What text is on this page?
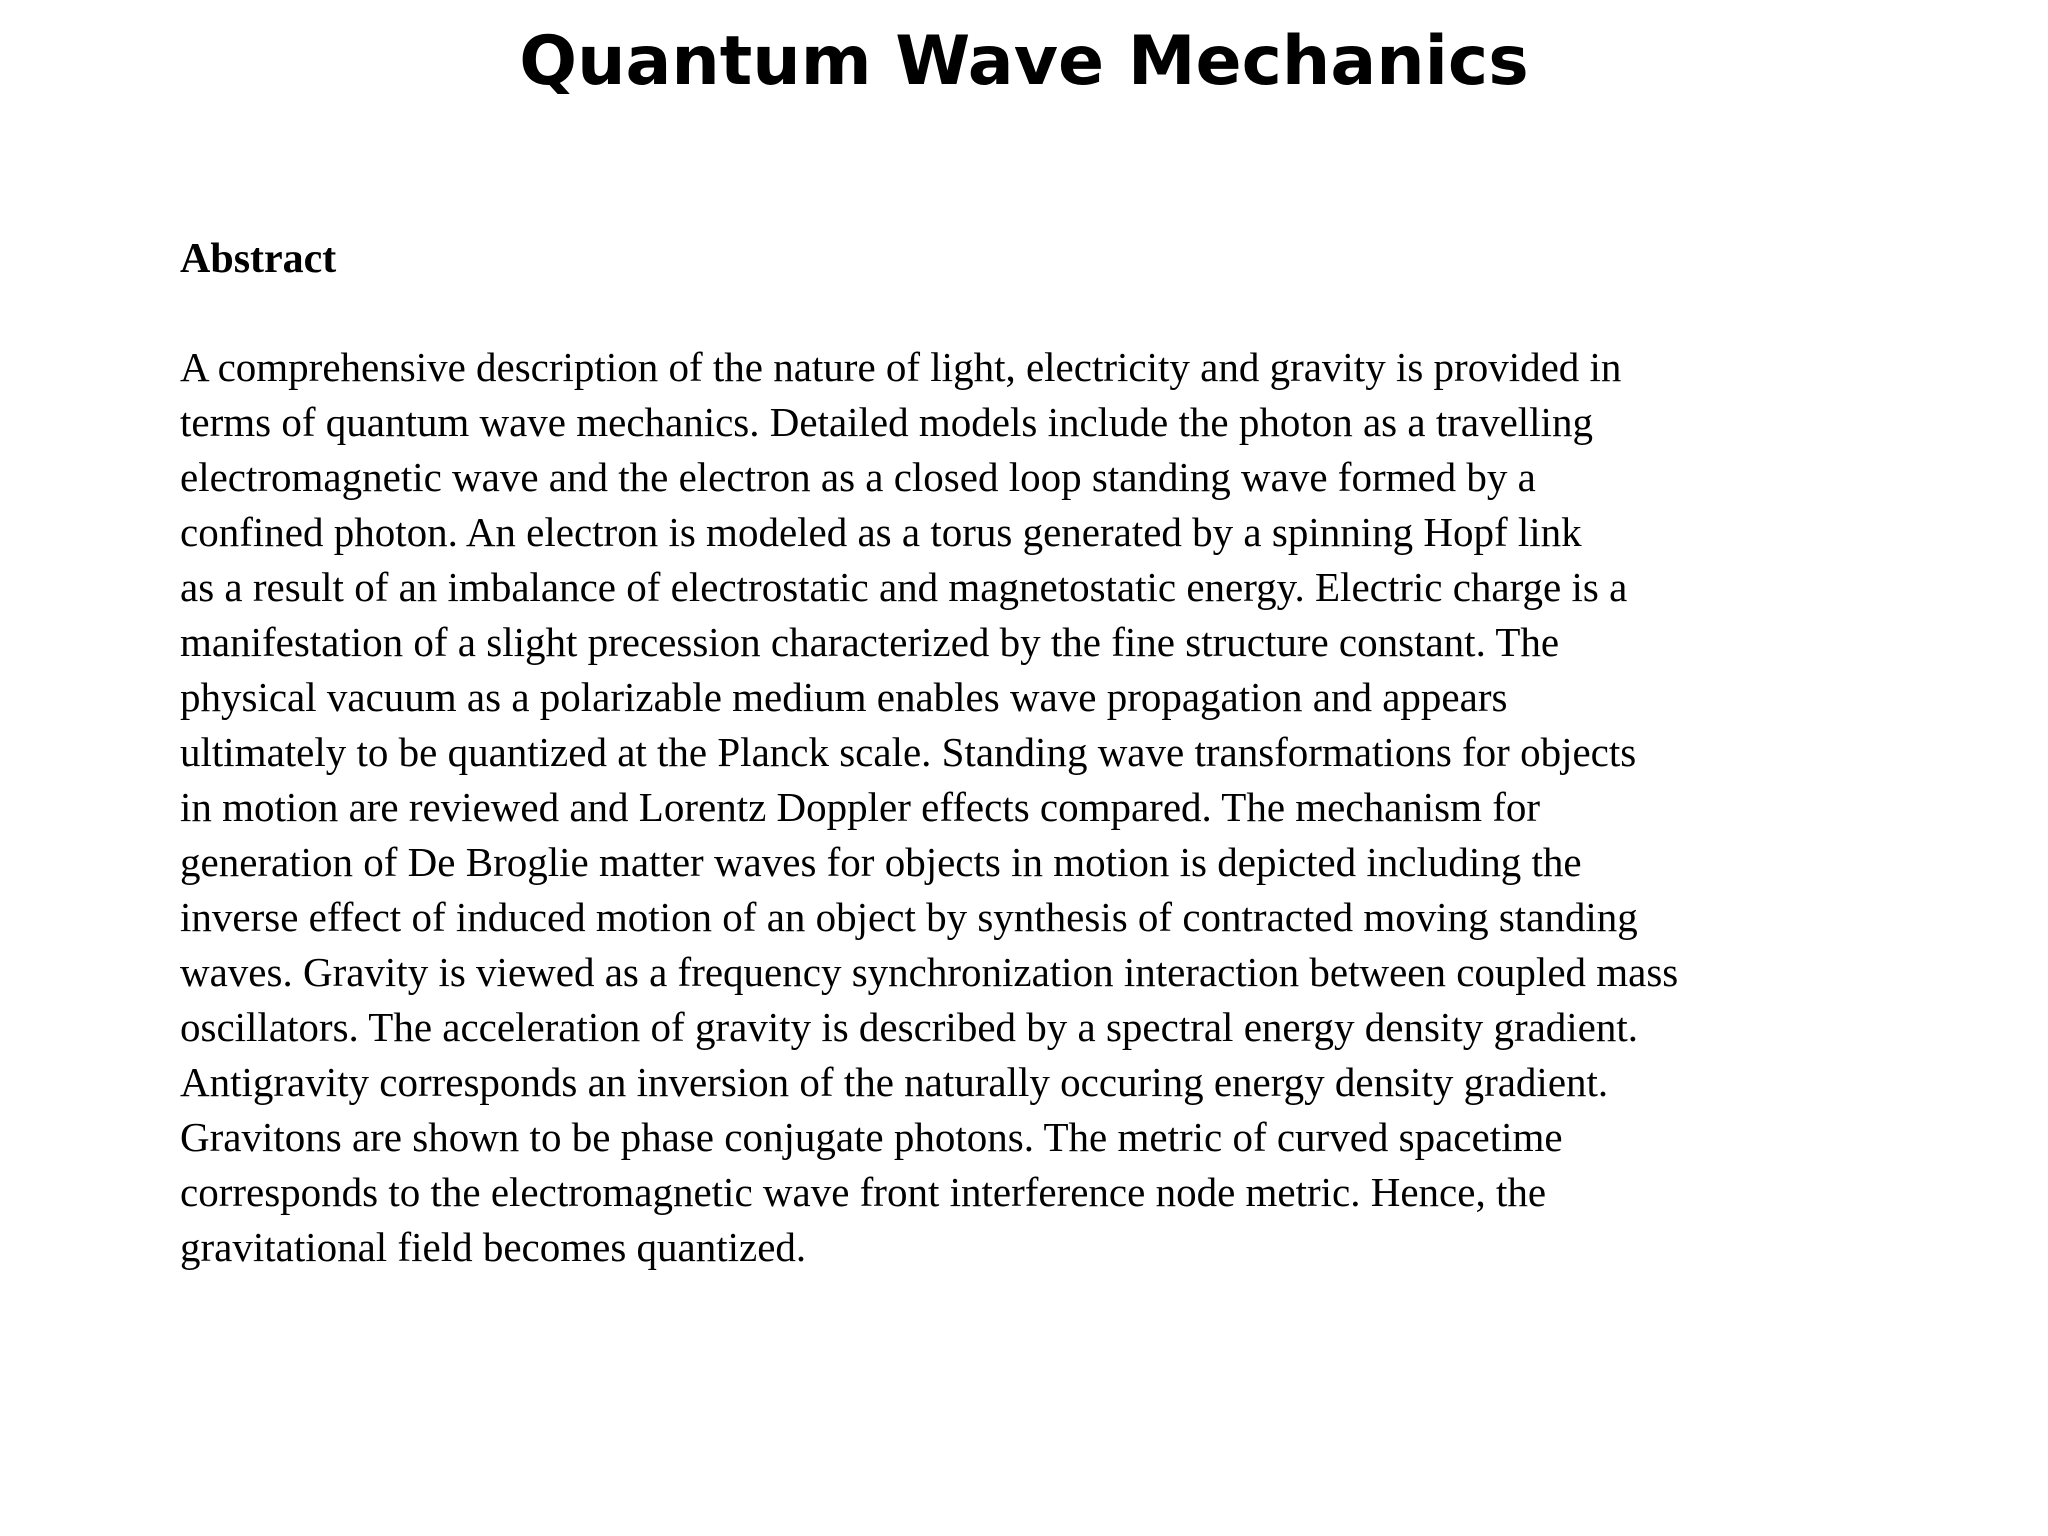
Quantum Wave Mechanics
Abstract
A comprehensive description of the nature of light, electricity and gravity is provided in
terms of quantum wave mechanics. Detailed models include the photon as a travelling
electromagnetic wave and the electron as a closed loop standing wave formed by a
confined photon. An electron is modeled as a torus generated by a spinning Hopf link
as a result of an imbalance of electrostatic and magnetostatic energy. Electric charge is a
manifestation of a slight precession characterized by the fine structure constant. The
physical vacuum as a polarizable medium enables wave propagation and appears
ultimately to be quantized at the Planck scale. Standing wave transformations for objects
in motion are reviewed and Lorentz Doppler effects compared. The mechanism for
generation of De Broglie matter waves for objects in motion is depicted including the
inverse effect of induced motion of an object by synthesis of contracted moving standing
waves. Gravity is viewed as a frequency synchronization interaction between coupled mass
oscillators. The acceleration of gravity is described by a spectral energy density gradient.
Antigravity corresponds an inversion of the naturally occuring energy density gradient.
Gravitons are shown to be phase conjugate photons. The metric of curved spacetime
corresponds to the electromagnetic wave front interference node metric. Hence, the
gravitational field becomes quantized.
